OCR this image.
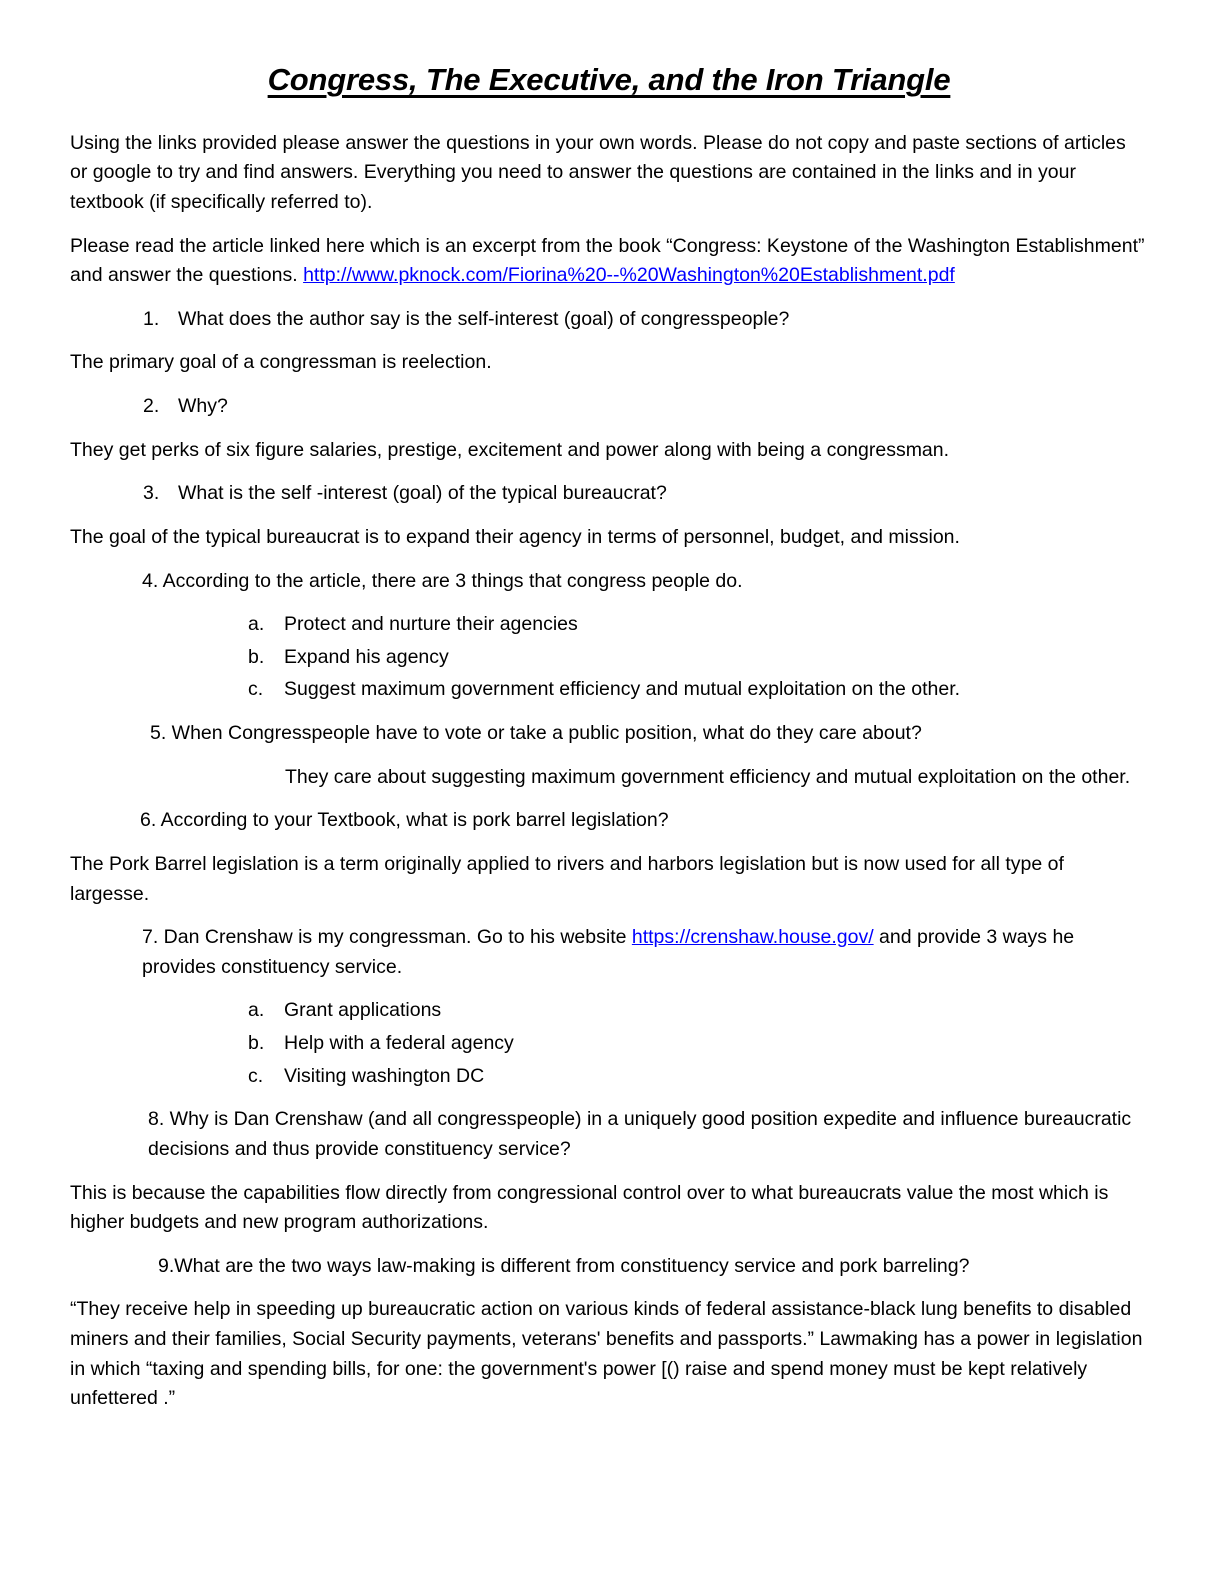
Congress, The Executive, and the Iron Triangle

Using the links provided please answer the questions in your own words. Please do not copy and paste sections of articles or google to try and find answers. Everything you need to answer the questions are contained in the links and in your textbook (if specifically referred to).

Please read the article linked here which is an excerpt from the book “Congress: Keystone of the Washington Establishment” and answer the questions. http://www.pknock.com/Fiorina%20--%20Washington%20Establishment.pdf

1. What does the author say is the self-interest (goal) of congresspeople?

The primary goal of a congressman is reelection.

2. Why?

They get perks of six figure salaries, prestige, excitement and power along with being a congressman.

3. What is the self -interest (goal) of the typical bureaucrat?

The goal of the typical bureaucrat is to expand their agency in terms of personnel, budget, and mission.

4. According to the article, there are 3 things that congress people do.
a.	Protect and nurture their agencies
b.	Expand his agency
c.	Suggest maximum government efficiency and mutual exploitation on the other.
5. When Congresspeople have to vote or take a public position, what do they care about?

They care about suggesting maximum government efficiency and mutual exploitation on the other.

6. According to your Textbook, what is pork barrel legislation?

The Pork Barrel legislation is a term originally applied to rivers and harbors legislation but is now used for all type of largesse.

7. Dan Crenshaw is my congressman. Go to his website https://crenshaw.house.gov/ and provide 3 ways he provides constituency service.
a.	Grant applications
b.	Help with a federal agency
c.	Visiting washington DC
8. Why is Dan Crenshaw (and all congresspeople) in a uniquely good position expedite and influence bureaucratic decisions and thus provide constituency service?

This is because the capabilities flow directly from congressional control over to what bureaucrats value the most which is higher budgets and new program authorizations.

9.What are the two ways law-making is different from constituency service and pork barreling?

“They receive help in speeding up bureaucratic action on various kinds of federal assistance-black lung benefits to disabled miners and their families, Social Security payments, veterans' benefits and passports.” Lawmaking has a power in legislation in which “taxing and spending bills, for one: the government's power [() raise and spend money must be kept relatively unfettered .”
